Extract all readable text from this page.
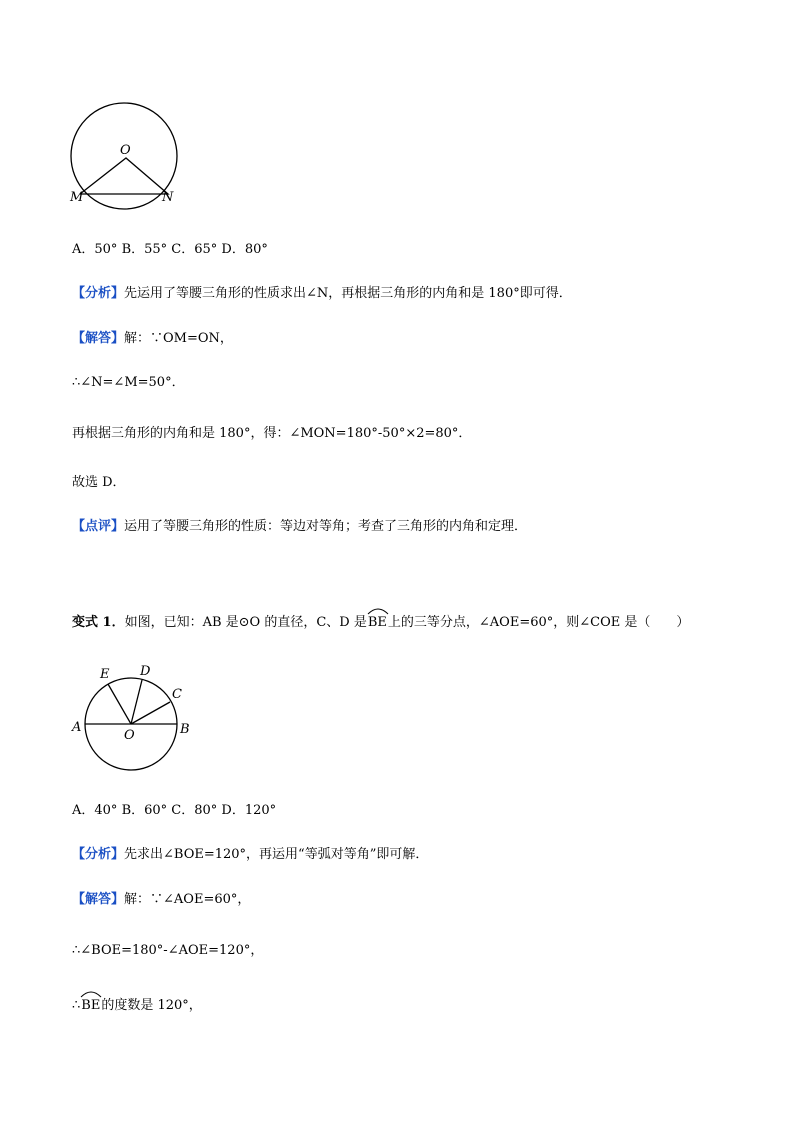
O
M	N
A．50° B．55° C．65° D．80°
【分析】先运用了等腰三角形的性质求出∠N，再根据三角形的内角和是 180°即可得．
【解答】解：∵OM=ON，
∴∠N=∠M=50°．
再根据三角形的内角和是 180°，得：∠MON=180°-50°×2=80°．
故选 D．
【点评】运用了等腰三角形的性质：等边对等角；考查了三角形的内角和定理．
变式 1．如图，已知：AB 是⊙O 的直径，C、D 是
BE上的三等分点，∠AOE=60°，则∠COE 是（　　）
E D
C
A	B
O
A．40° B．60° C．80° D．120°
【分析】先求出∠BOE=120°，再运用“等弧对等角”即可解．
【解答】解：∵∠AOE=60°，
∴∠BOE=180°-∠AOE=120°，
∴
BE的度数是 120°，
